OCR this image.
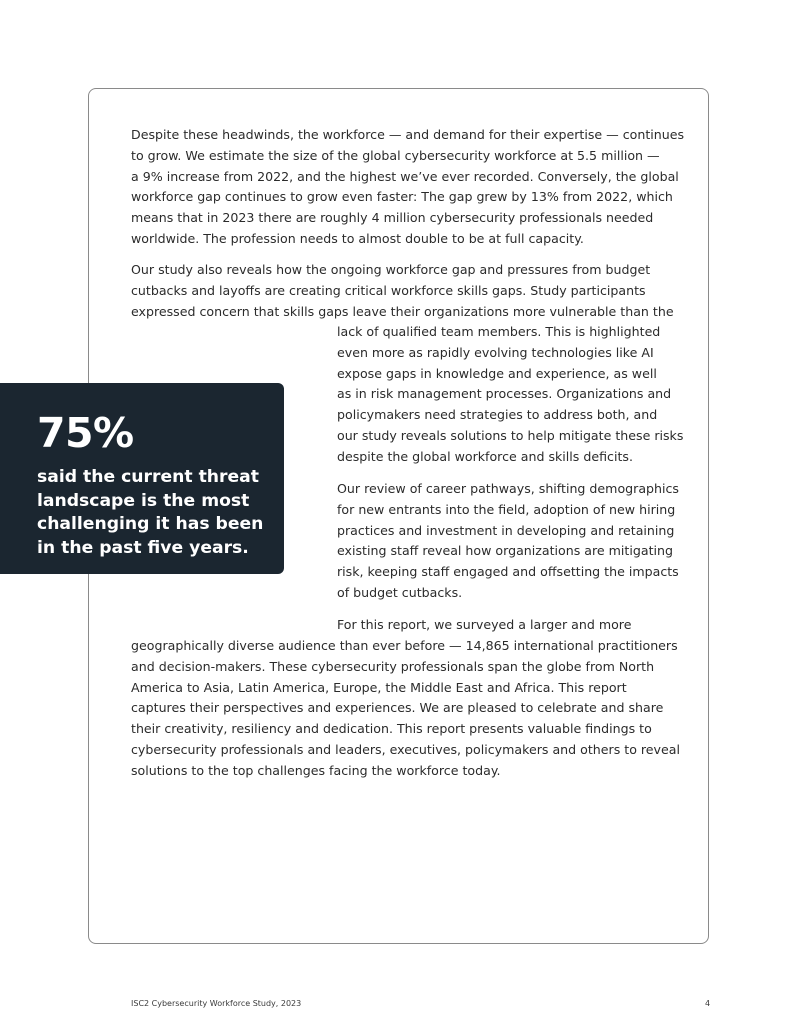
Despite these headwinds, the workforce — and demand for their expertise — continues
to grow. We estimate the size of the global cybersecurity workforce at 5.5 million —
a 9% increase from 2022, and the highest we’ve ever recorded. Conversely, the global
workforce gap continues to grow even faster: The gap grew by 13% from 2022, which
means that in 2023 there are roughly 4 million cybersecurity professionals needed
worldwide. The profession needs to almost double to be at full capacity.

Our study also reveals how the ongoing workforce gap and pressures from budget
cutbacks and layoffs are creating critical workforce skills gaps. Study participants
expressed concern that skills gaps leave their organizations more vulnerable than the

lack of qualified team members. This is highlighted
even more as rapidly evolving technologies like AI
expose gaps in knowledge and experience, as well
as in risk management processes. Organizations and
policymakers need strategies to address both, and
our study reveals solutions to help mitigate these risks
despite the global workforce and skills deficits.

Our review of career pathways, shifting demographics
for new entrants into the field, adoption of new hiring
practices and investment in developing and retaining
existing staff reveal how organizations are mitigating
risk, keeping staff engaged and offsetting the impacts
of budget cutbacks.

For this report, we surveyed a larger and more

geographically diverse audience than ever before — 14,865 international practitioners
and decision-makers. These cybersecurity professionals span the globe from North
America to Asia, Latin America, Europe, the Middle East and Africa. This report
captures their perspectives and experiences. We are pleased to celebrate and share
their creativity, resiliency and dedication. This report presents valuable findings to
cybersecurity professionals and leaders, executives, policymakers and others to reveal
solutions to the top challenges facing the workforce today.

75%

said the current threat
landscape is the most
challenging it has been
in the past five years.

ISC2 Cybersecurity Workforce Study, 2023	4
